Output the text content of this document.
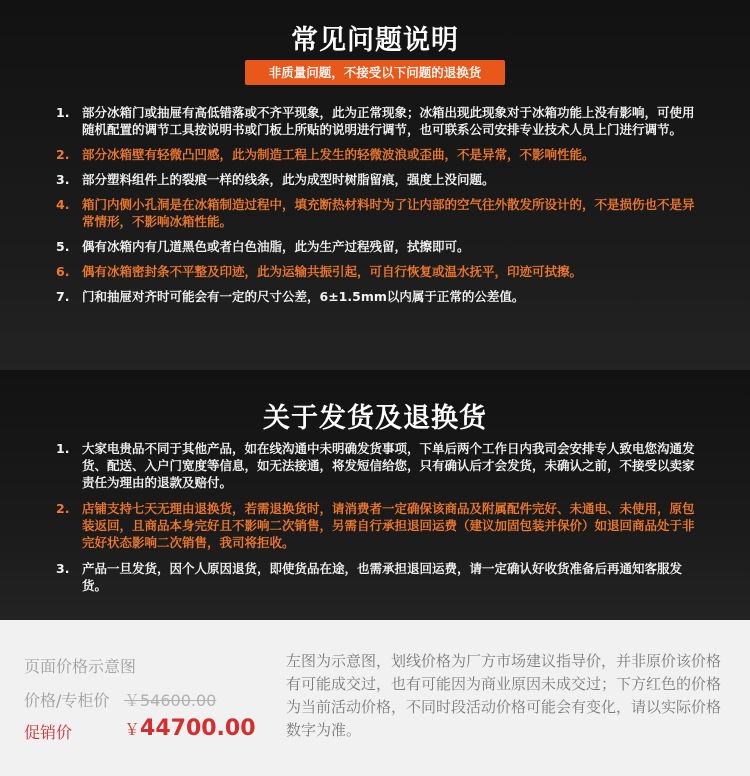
常见问题说明
非质量问题，不接受以下问题的退换货
1. 部分冰箱门或抽屉有高低错落或不齐平现象，此为正常现象；冰箱出现此现象对于冰箱功能上没有影响，可使用随机配置的调节工具按说明书或门板上所贴的说明进行调节，也可联系公司安排专业技术人员上门进行调节。
2. 部分冰箱壁有轻微凸凹感，此为制造工程上发生的轻微波浪或歪曲，不是异常，不影响性能。
3. 部分塑料组件上的裂痕一样的线条，此为成型时树脂留痕，强度上没问题。
4. 箱门内侧小孔洞是在冰箱制造过程中，填充断热材料时为了让内部的空气往外散发所设计的，不是损伤也不是异常情形，不影响冰箱性能。
5. 偶有冰箱内有几道黑色或者白色油脂，此为生产过程残留，拭擦即可。
6. 偶有冰箱密封条不平整及印迹，此为运输共振引起，可自行恢复或温水抚平，印迹可拭擦。
7. 门和抽屉对齐时可能会有一定的尺寸公差，6±1.5mm以内属于正常的公差值。
关于发货及退换货
1. 大家电贵品不同于其他产品，如在线沟通中未明确发货事项，下单后两个工作日内我司会安排专人致电您沟通发货、配送、入户门宽度等信息，如无法接通，将发短信给您，只有确认后才会发货，未确认之前，不接受以卖家责任为理由的退款及赔付。
2. 店铺支持七天无理由退换货，若需退换货时，请消费者一定确保该商品及附属配件完好、未通电、未使用，原包装返回，且商品本身完好且不影响二次销售，另需自行承担退回运费（建议加固包装并保价）如退回商品处于非完好状态影响二次销售，我司将拒收。
3. 产品一旦发货，因个人原因退货，即使货品在途，也需承担退回运费，请一定确认好收货准备后再通知客服发货。
页面价格示意图
价格/专柜价 ￥54600.00
促销价	￥44700.00
左图为示意图，划线价格为厂方市场建议指导价，并非原价该价格有可能成交过，也有可能因为商业原因未成交过；下方红色的价格为当前活动价格，不同时段活动价格可能会有变化，请以实际价格数字为准。
